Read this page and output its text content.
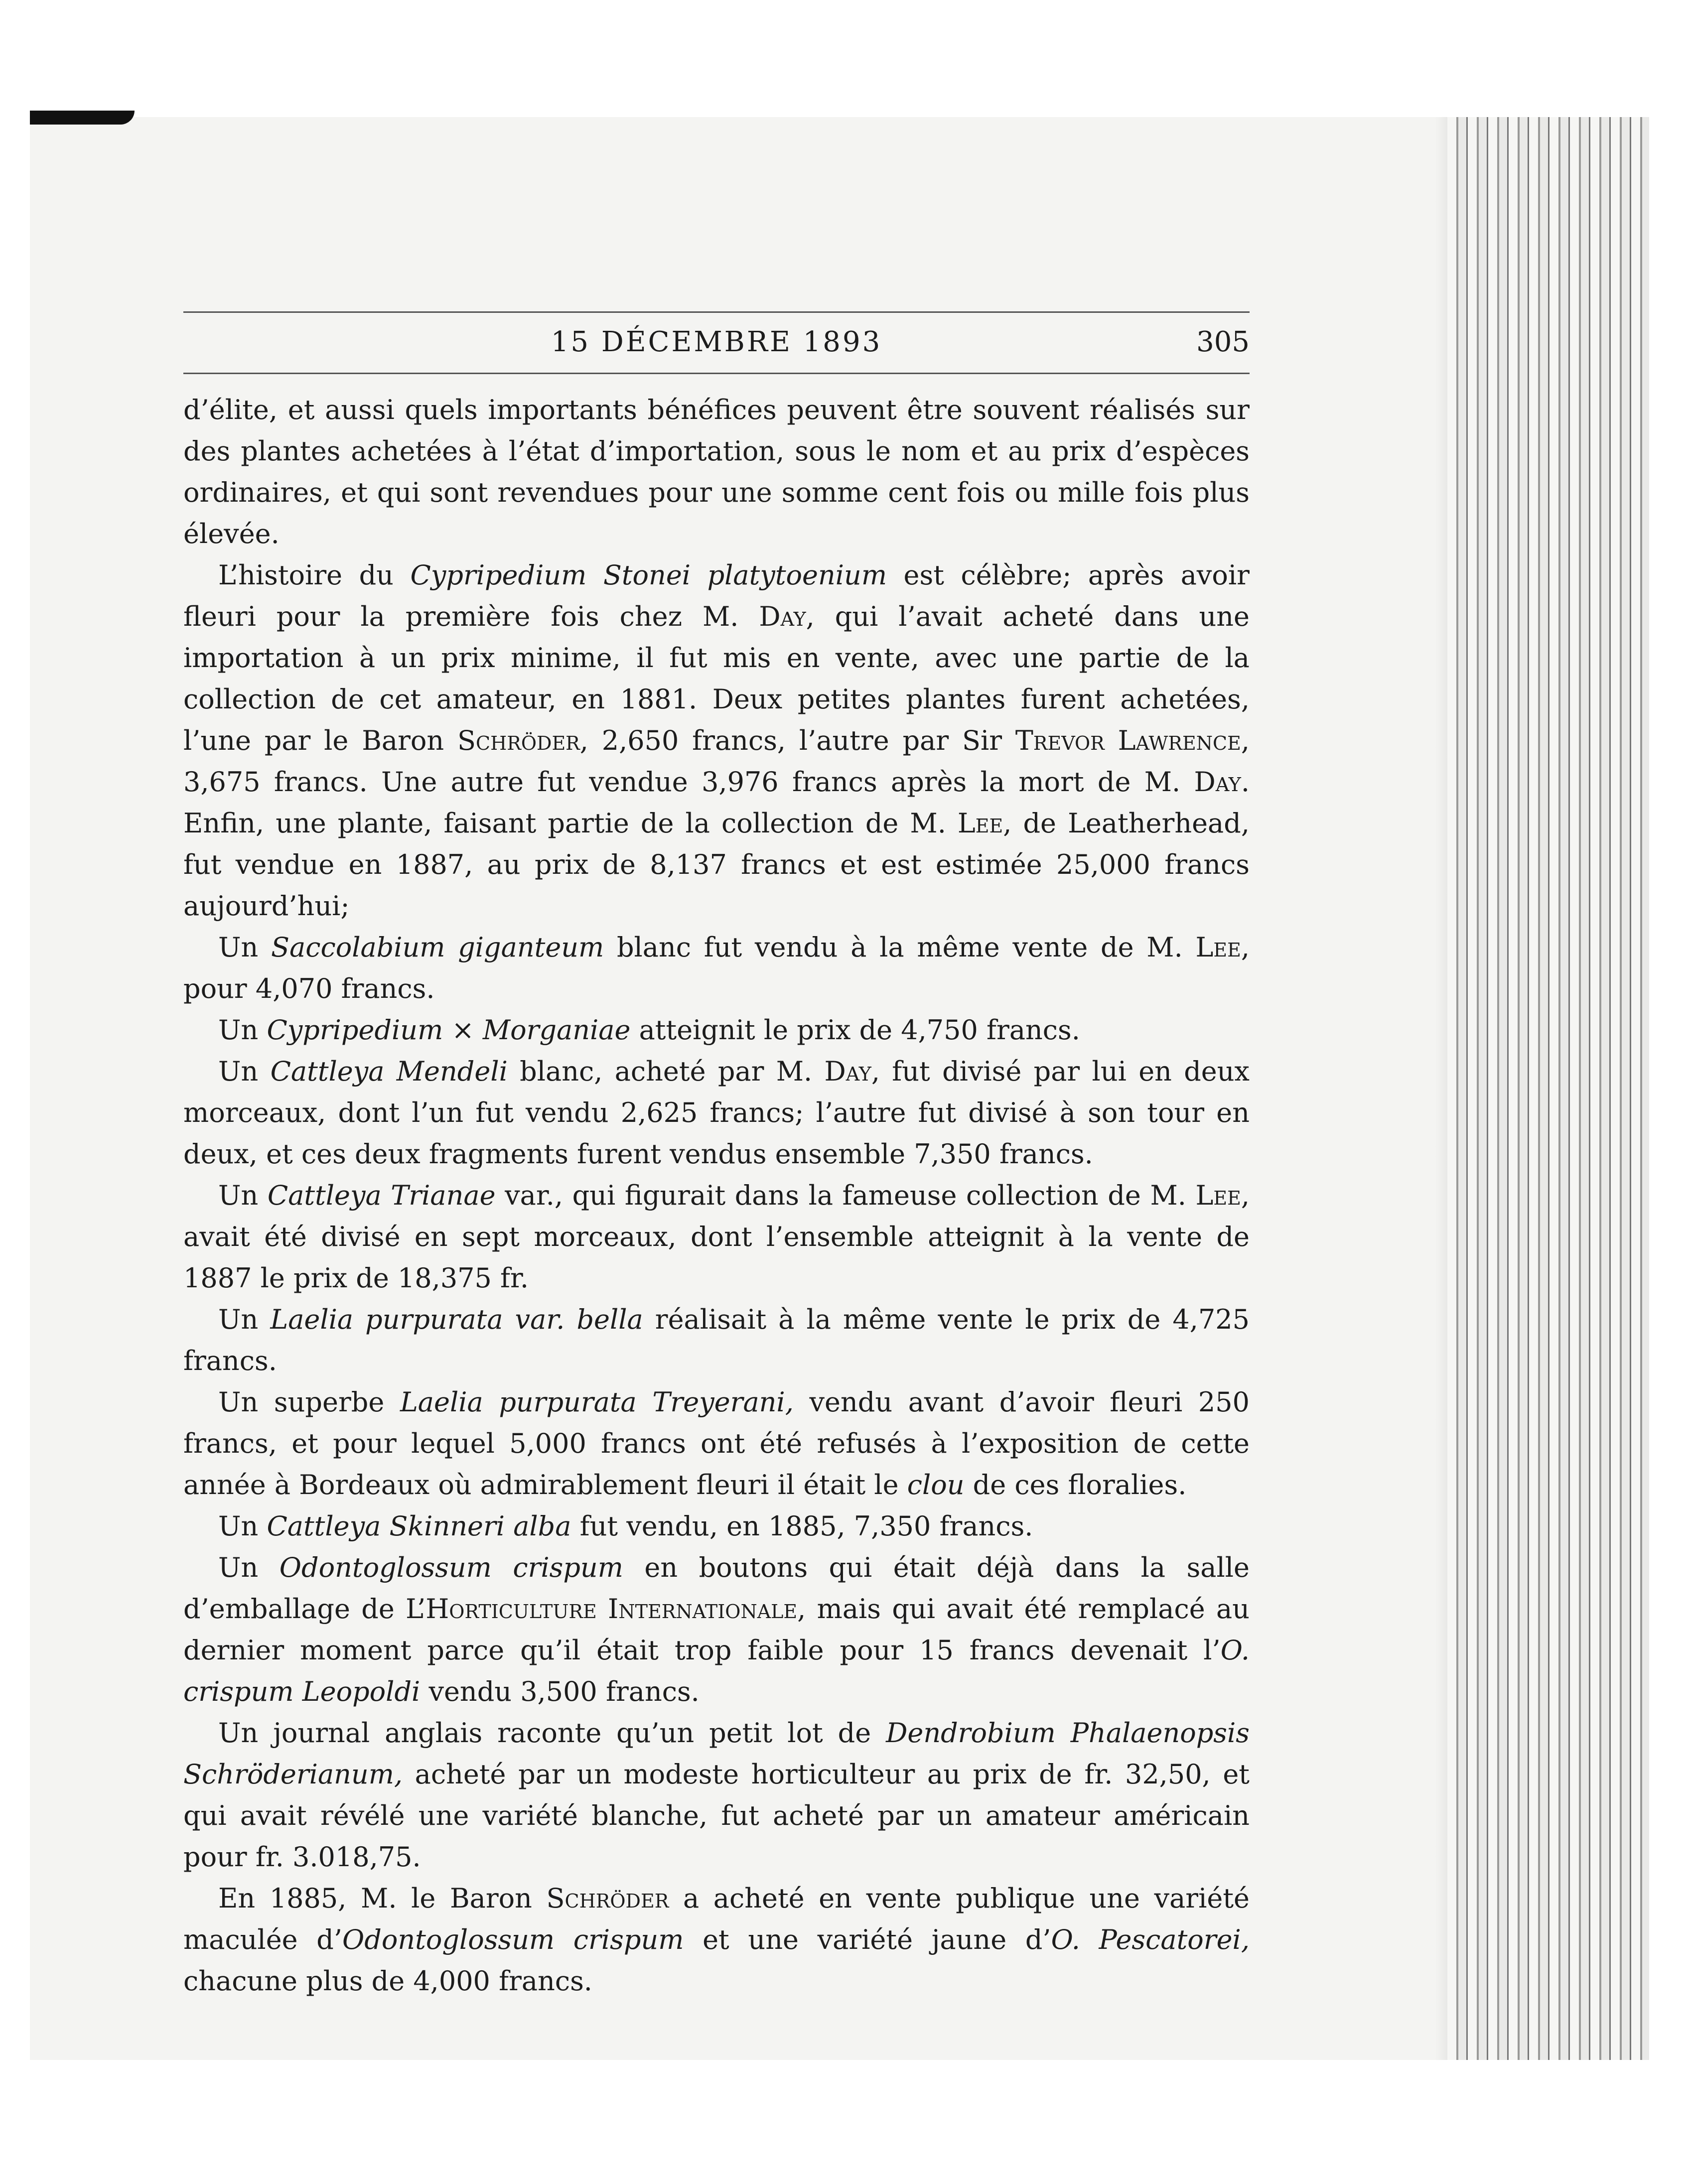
15 DÉCEMBRE 1893	305

d’élite, et aussi quels importants bénéfices peuvent être souvent réalisés sur des plantes achetées à l’état d’importation, sous le nom et au prix d’espèces ordinaires, et qui sont revendues pour une somme cent fois ou mille fois plus élevée.

L’histoire du Cypripedium Stonei platytoenium est célèbre; après avoir fleuri pour la première fois chez M. Day, qui l’avait acheté dans une importation à un prix minime, il fut mis en vente, avec une partie de la collection de cet amateur, en 1881. Deux petites plantes furent achetées, l’une par le Baron Schröder, 2,650 francs, l’autre par Sir Trevor Lawrence, 3,675 francs. Une autre fut vendue 3,976 francs après la mort de M. Day. Enfin, une plante, faisant partie de la collection de M. Lee, de Leatherhead, fut vendue en 1887, au prix de 8,137 francs et est estimée 25,000 francs aujourd’hui;

Un Saccolabium giganteum blanc fut vendu à la même vente de M. Lee, pour 4,070 francs.

Un Cypripedium × Morganiae atteignit le prix de 4,750 francs.

Un Cattleya Mendeli blanc, acheté par M. Day, fut divisé par lui en deux morceaux, dont l’un fut vendu 2,625 francs; l’autre fut divisé à son tour en deux, et ces deux fragments furent vendus ensemble 7,350 francs.

Un Cattleya Trianae var., qui figurait dans la fameuse collection de M. Lee, avait été divisé en sept morceaux, dont l’ensemble atteignit à la vente de 1887 le prix de 18,375 fr.

Un Laelia purpurata var. bella réalisait à la même vente le prix de 4,725 francs.

Un superbe Laelia purpurata Treyerani, vendu avant d’avoir fleuri 250 francs, et pour lequel 5,000 francs ont été refusés à l’exposition de cette année à Bordeaux où admirablement fleuri il était le clou de ces floralies.

Un Cattleya Skinneri alba fut vendu, en 1885, 7,350 francs.

Un Odontoglossum crispum en boutons qui était déjà dans la salle d’emballage de L’Horticulture Internationale, mais qui avait été remplacé au dernier moment parce qu’il était trop faible pour 15 francs devenait l’O. crispum Leopoldi vendu 3,500 francs.

Un journal anglais raconte qu’un petit lot de Dendrobium Phalaenopsis Schröderianum, acheté par un modeste horticulteur au prix de fr. 32,50, et qui avait révélé une variété blanche, fut acheté par un amateur américain pour fr. 3.018,75.

En 1885, M. le Baron Schröder a acheté en vente publique une variété maculée d’Odontoglossum crispum et une variété jaune d’O. Pescatorei, chacune plus de 4,000 francs.
